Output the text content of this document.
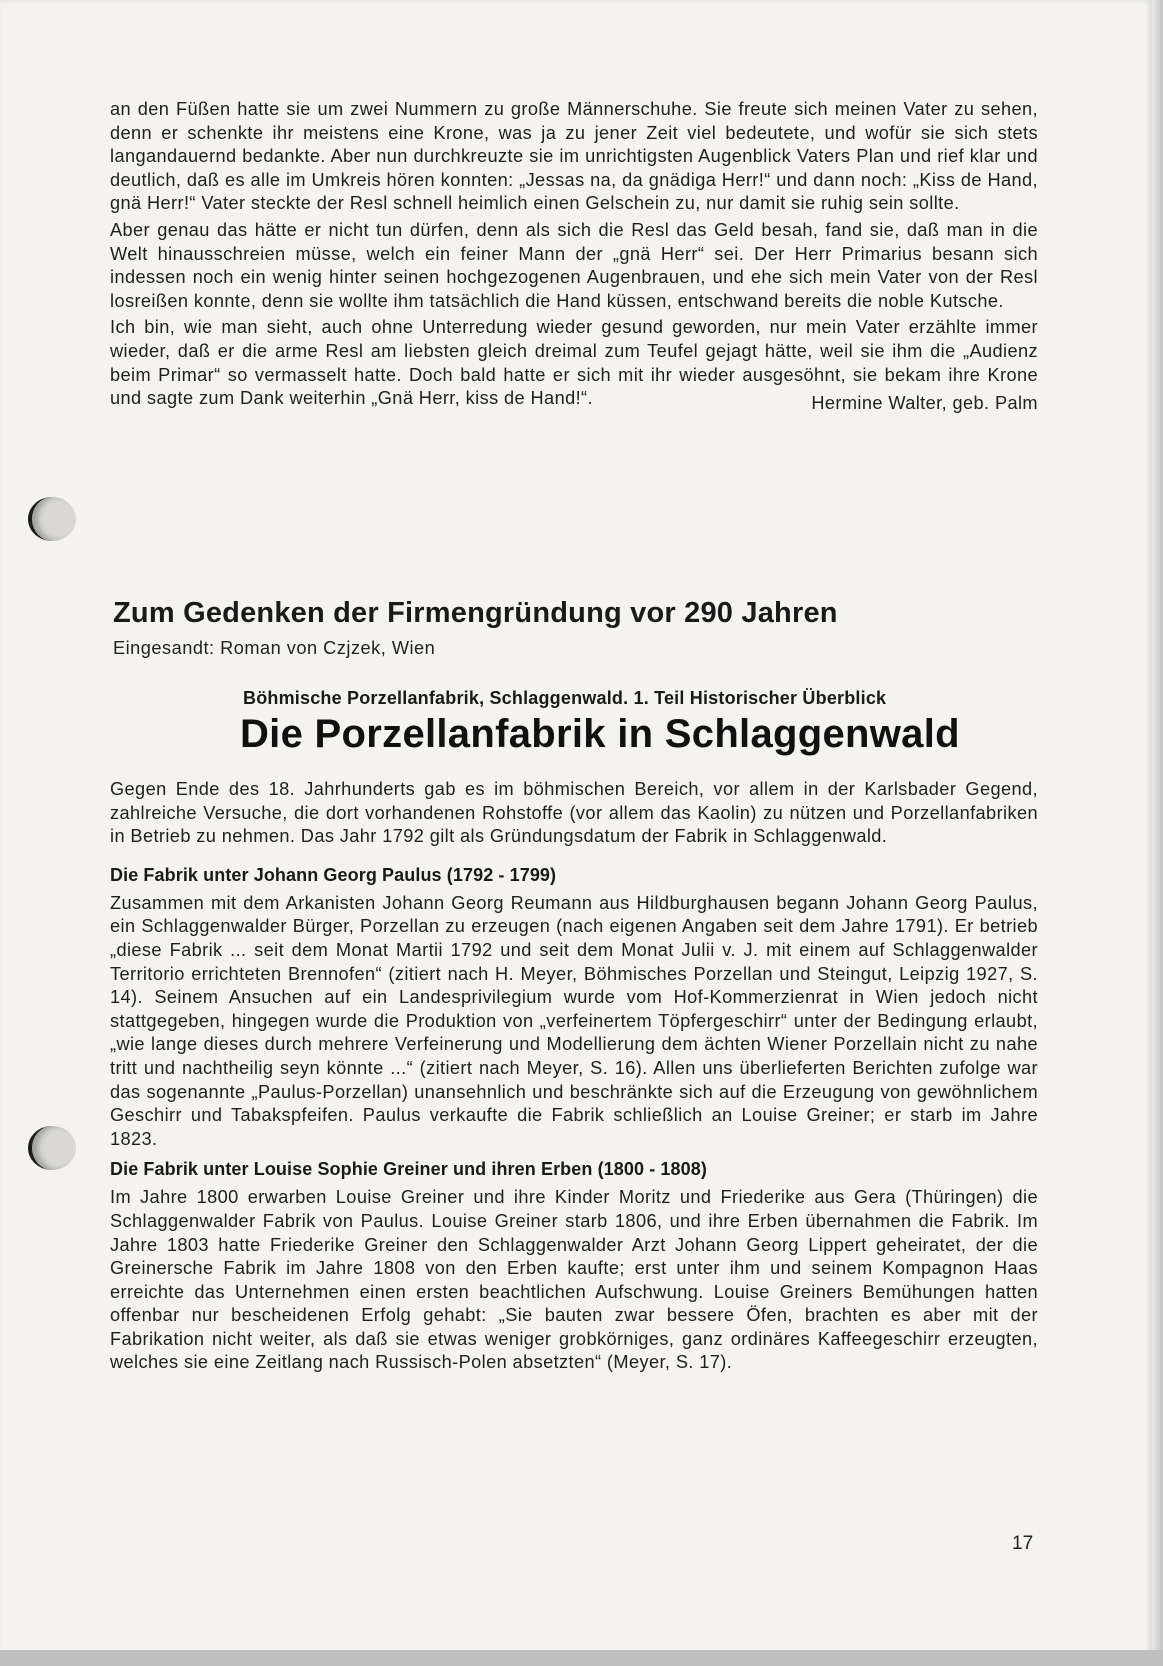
an den Füßen hatte sie um zwei Nummern zu große Männerschuhe. Sie freute sich meinen Vater zu sehen, denn er schenkte ihr meistens eine Krone, was ja zu jener Zeit viel bedeutete, und wofür sie sich stets langandauernd bedankte. Aber nun durchkreuzte sie im unrichtigsten Augenblick Vaters Plan und rief klar und deutlich, daß es alle im Umkreis hören konnten: „Jessas na, da gnädiga Herr!“ und dann noch: „Kiss de Hand, gnä Herr!“ Vater steckte der Resl schnell heimlich einen Gelschein zu, nur damit sie ruhig sein sollte.

Aber genau das hätte er nicht tun dürfen, denn als sich die Resl das Geld besah, fand sie, daß man in die Welt hinausschreien müsse, welch ein feiner Mann der „gnä Herr“ sei. Der Herr Primarius besann sich indessen noch ein wenig hinter seinen hochgezogenen Augenbrauen, und ehe sich mein Vater von der Resl losreißen konnte, denn sie wollte ihm tatsächlich die Hand küssen, entschwand bereits die noble Kutsche.

Ich bin, wie man sieht, auch ohne Unterredung wieder gesund geworden, nur mein Vater erzählte immer wieder, daß er die arme Resl am liebsten gleich dreimal zum Teufel gejagt hätte, weil sie ihm die „Audienz beim Primar“ so vermasselt hatte. Doch bald hatte er sich mit ihr wieder ausgesöhnt, sie bekam ihre Krone und sagte zum Dank weiterhin „Gnä Herr, kiss de Hand!“.	Hermine Walter, geb. Palm
Zum Gedenken der Firmengründung vor 290 Jahren
Eingesandt: Roman von Czjzek, Wien
Böhmische Porzellanfabrik, Schlaggenwald. 1. Teil Historischer Überblick
Die Porzellanfabrik in Schlaggenwald

Gegen Ende des 18. Jahrhunderts gab es im böhmischen Bereich, vor allem in der Karlsbader Gegend, zahlreiche Versuche, die dort vorhandenen Rohstoffe (vor allem das Kaolin) zu nützen und Porzellanfabriken in Betrieb zu nehmen. Das Jahr 1792 gilt als Gründungsdatum der Fabrik in Schlaggenwald.

Die Fabrik unter Johann Georg Paulus (1792 - 1799)

Zusammen mit dem Arkanisten Johann Georg Reumann aus Hildburghausen begann Johann Georg Paulus, ein Schlaggenwalder Bürger, Porzellan zu erzeugen (nach eigenen Angaben seit dem Jahre 1791). Er betrieb „diese Fabrik ... seit dem Monat Martii 1792 und seit dem Monat Julii v. J. mit einem auf Schlaggenwalder Territorio errichteten Brennofen“ (zitiert nach H. Meyer, Böhmisches Porzellan und Steingut, Leipzig 1927, S. 14). Seinem Ansuchen auf ein Landesprivilegium wurde vom Hof-Kommerzienrat in Wien jedoch nicht stattgegeben, hingegen wurde die Produktion von „verfeinertem Töpfergeschirr“ unter der Bedingung erlaubt, „wie lange dieses durch mehrere Verfeinerung und Modellierung dem ächten Wiener Porzellain nicht zu nahe tritt und nachtheilig seyn könnte ...“ (zitiert nach Meyer, S. 16). Allen uns überlieferten Berichten zufolge war das sogenannte „Paulus-Porzellan) unansehnlich und beschränkte sich auf die Erzeugung von gewöhnlichem Geschirr und Tabakspfeifen. Paulus verkaufte die Fabrik schließlich an Louise Greiner; er starb im Jahre 1823.

Die Fabrik unter Louise Sophie Greiner und ihren Erben (1800 - 1808)

Im Jahre 1800 erwarben Louise Greiner und ihre Kinder Moritz und Friederike aus Gera (Thüringen) die Schlaggenwalder Fabrik von Paulus. Louise Greiner starb 1806, und ihre Erben übernahmen die Fabrik. Im Jahre 1803 hatte Friederike Greiner den Schlaggenwalder Arzt Johann Georg Lippert geheiratet, der die Greinersche Fabrik im Jahre 1808 von den Erben kaufte; erst unter ihm und seinem Kompagnon Haas erreichte das Unternehmen einen ersten beachtlichen Aufschwung. Louise Greiners Bemühungen hatten offenbar nur bescheidenen Erfolg gehabt: „Sie bauten zwar bessere Öfen, brachten es aber mit der Fabrikation nicht weiter, als daß sie etwas weniger grobkörniges, ganz ordinäres Kaffeegeschirr erzeugten, welches sie eine Zeitlang nach Russisch-Polen absetzten“ (Meyer, S. 17).

17
